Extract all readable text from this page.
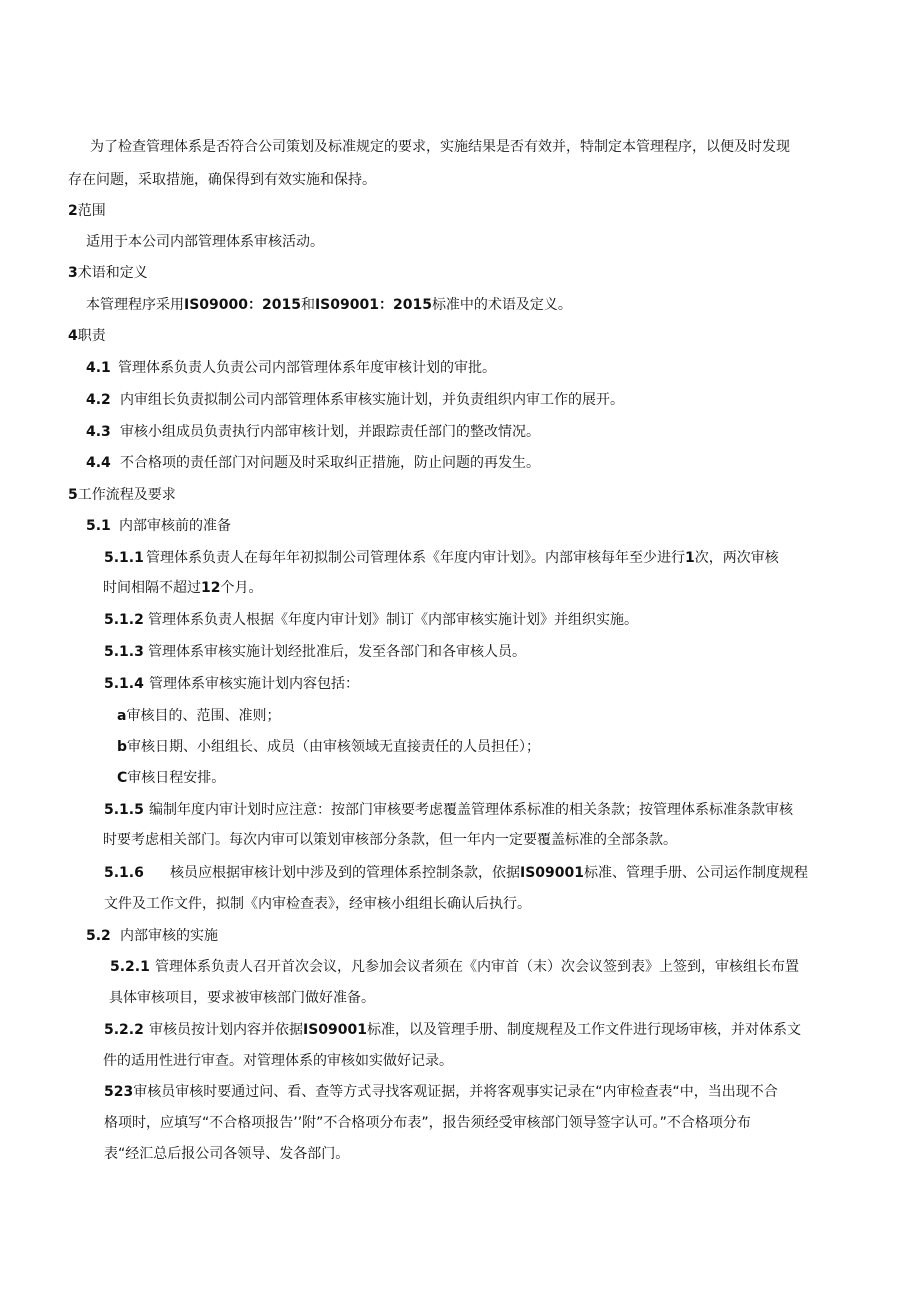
为了检查管理体系是否符合公司策划及标准规定的要求，实施结果是否有效并，特制定本管理程序，以便及时发现
存在问题，采取措施，确保得到有效实施和保持。
2范围
适用于本公司内部管理体系审核活动。
3术语和定义
本管理程序采用IS09000：2015和IS09001：2015标准中的术语及定义。
4职责
4.1 管理体系负责人负责公司内部管理体系年度审核计划的审批。
4.2 内审组长负责拟制公司内部管理体系审核实施计划，并负责组织内审工作的展开。
4.3 审核小组成员负责执行内部审核计划，并跟踪责任部门的整改情况。
4.4 不合格项的责任部门对问题及时采取纠正措施，防止问题的再发生。
5工作流程及要求
5.1 内部审核前的准备
5.1.1 管理体系负责人在每年年初拟制公司管理体系《年度内审计划》。内部审核每年至少进行1次，两次审核
时间相隔不超过12个月。
5.1.2 管理体系负责人根据《年度内审计划》制订《内部审核实施计划》并组织实施。
5.1.3 管理体系审核实施计划经批准后，发至各部门和各审核人员。
5.1.4 管理体系审核实施计划内容包括：
a审核目的、范围、准则；
b审核日期、小组组长、成员（由审核领域无直接责任的人员担任）；
C审核日程安排。
5.1.5 编制年度内审计划时应注意：按部门审核要考虑覆盖管理体系标准的相关条款；按管理体系标准条款审核
时要考虑相关部门。每次内审可以策划审核部分条款，但一年内一定要覆盖标准的全部条款。
5.1.6 核员应根据审核计划中涉及到的管理体系控制条款，依据IS09001标准、管理手册、公司运作制度规程
文件及工作文件，拟制《内审检查表》，经审核小组组长确认后执行。
5.2 内部审核的实施
5.2.1 管理体系负责人召开首次会议，凡参加会议者须在《内审首（末）次会议签到表》上签到，审核组长布置
具体审核项目，要求被审核部门做好准备。
5.2.2 审核员按计划内容并依据IS09001标准，以及管理手册、制度规程及工作文件进行现场审核，并对体系文
件的适用性进行审查。对管理体系的审核如实做好记录。
523审核员审核时要通过问、看、查等方式寻找客观证据，并将客观事实记录在“内审检查表“中，当出现不合
格项时，应填写“不合格项报告’’附”不合格项分布表”，报告须经受审核部门领导签字认可。”不合格项分布
表“经汇总后报公司各领导、发各部门。
